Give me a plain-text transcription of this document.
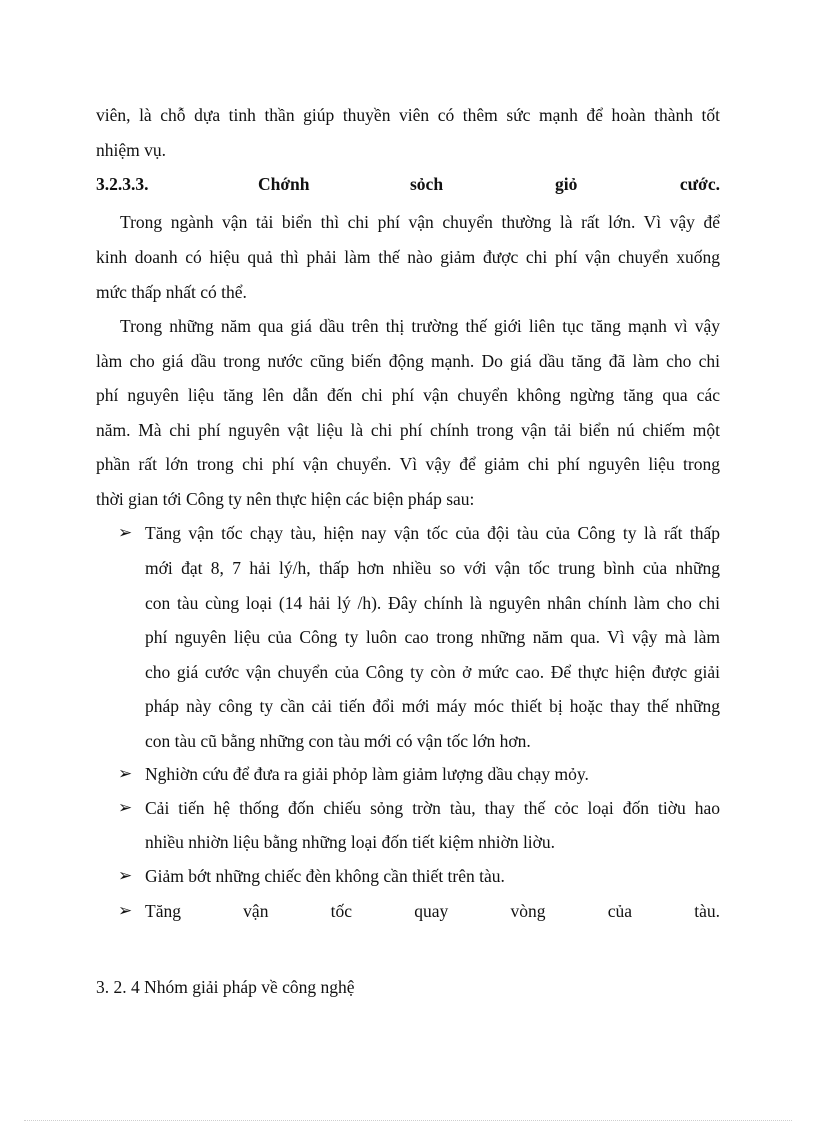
viên, là chỗ dựa tinh thần giúp thuyền viên có thêm sức mạnh để hoàn thành tốt
nhiệm vụ.
3.2.3.3.	Chớnh	sỏch	giỏ	cước.
Trong ngành vận tải biển thì chi phí vận chuyển thường là rất lớn. Vì vậy để
kinh doanh có hiệu quả thì phải làm thế nào giảm được chi phí vận chuyển xuống
mức thấp nhất có thể.
Trong những năm qua giá dầu trên thị trường thế giới liên tục tăng mạnh vì vậy
làm cho giá dầu trong nước cũng biến động mạnh. Do giá dầu tăng đã làm cho chi
phí nguyên liệu tăng lên dẫn đến chi phí vận chuyển không ngừng tăng qua các
năm. Mà chi phí nguyên vật liệu là chi phí chính trong vận tải biển nú chiếm một
phần rất lớn trong chi phí vận chuyển. Vì vậy để giảm chi phí nguyên liệu trong
thời gian tới Công ty nên thực hiện các biện pháp sau:
➢ Tăng vận tốc chạy tàu, hiện nay vận tốc của đội tàu của Công ty là rất thấp
mới đạt 8, 7 hải lý/h, thấp hơn nhiều so với vận tốc trung bình của những
con tàu cùng loại (14 hải lý /h). Đây chính là nguyên nhân chính làm cho chi
phí nguyên liệu của Công ty luôn cao trong những năm qua. Vì vậy mà làm
cho giá cước vận chuyển của Công ty còn ở mức cao. Để thực hiện được giải
pháp này công ty cần cải tiến đổi mới máy móc thiết bị hoặc thay thế những
con tàu cũ bằng những con tàu mới có vận tốc lớn hơn.
➢ Nghiờn cứu để đưa ra giải phỏp làm giảm lượng dầu chạy mỏy.
➢ Cải tiến hệ thống đốn chiếu sỏng trờn tàu, thay thế cỏc loại đốn tiờu hao
nhiều nhiờn liệu bằng những loại đốn tiết kiệm nhiờn liờu.
➢ Giảm bớt những chiếc đèn không cần thiết trên tàu.
➢ Tăng vận tốc quay vòng của tàu.
3. 2. 4 Nhóm giải pháp về công nghệ
